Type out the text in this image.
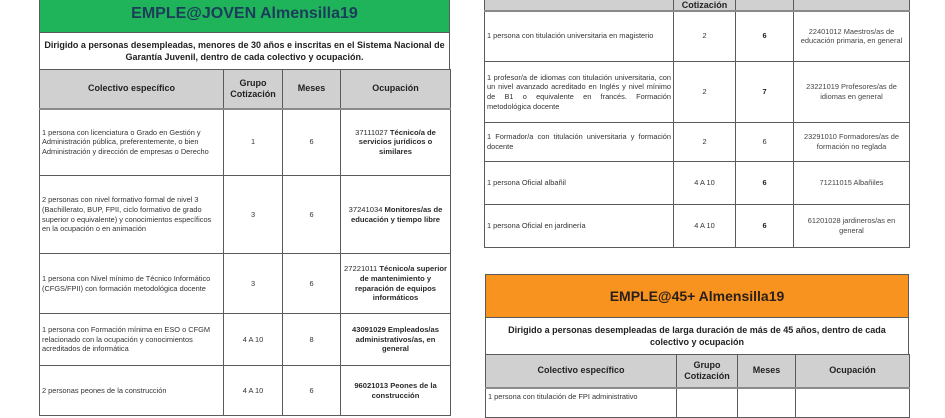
EMPLE@JOVEN Almensilla19
Dirigido a personas desempleadas, menores de 30 años e inscritas en el Sistema Nacional de Garantía Juvenil, dentro de cada colectivo y ocupación.
Colectivo específico	Grupo Cotización	Meses	Ocupación
1 persona con licenciatura o Grado en Gestión y Administración pública, preferentemente, o bien Administración y dirección de empresas o Derecho	1	6	37111027 Técnico/a de servicios jurídicos o similares
2 personas con nivel formativo formal de nivel 3 (Bachillerato, BUP, FPII, ciclo formativo de grado superior o equivalente) y conocimientos específicos en la ocupación o en animación	3	6	37241034 Monitores/as de educación y tiempo libre
1 persona con Nivel mínimo de Técnico Informático (CFGS/FPII) con formación metodológica docente	3	6	27221011 Técnico/a superior de mantenimiento y reparación de equipos informáticos
1 persona con Formación mínima en ESO o CFGM relacionado con la ocupación y conocimientos acreditados de informática	4 A 10	8	43091029 Empleados/as administrativos/as, en general
2 personas peones de la construcción	4 A 10	6	96021013 Peones de la construcción
	Cotización		
1 persona con titulación universitaria en magisterio	2	6	22401012 Maestros/as de educación primaria, en general
1 profesor/a de idiomas con titulación universitaria, con un nivel avanzado acreditado en Inglés y nivel mínimo de B1 o equivalente en francés. Formación metodológica docente	2	7	23221019 Profesores/as de idiomas en general
1 Formador/a con titulación universitaria y formación docente	2	6	23291010 Formadores/as de formación no reglada
1 persona Oficial albañil	4 A 10	6	71211015 Albañiles
1 persona Oficial en jardinería	4 A 10	6	61201028 jardineros/as en general
EMPLE@45+ Almensilla19
Dirigido a personas desempleadas de larga duración de más de 45 años, dentro de cada colectivo y ocupación
Colectivo específico	Grupo Cotización	Meses	Ocupación
1 persona con titulación de FPI administrativo			
